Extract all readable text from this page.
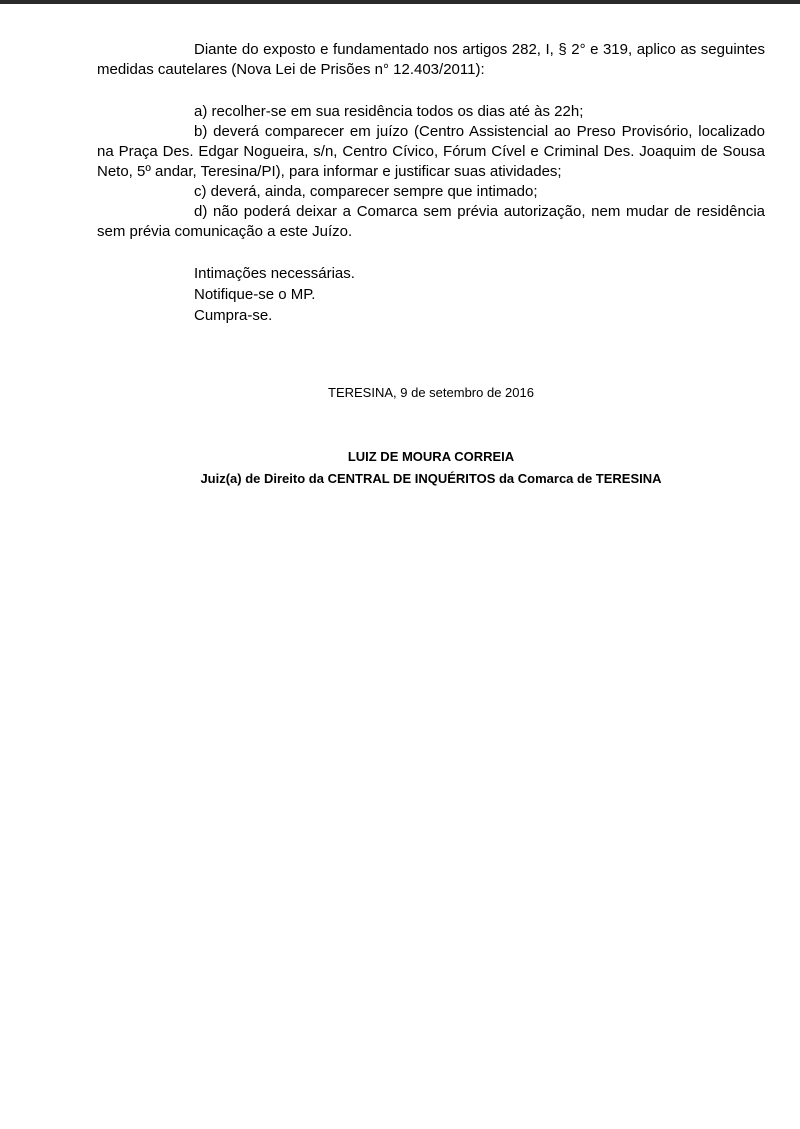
Diante do exposto e fundamentado nos artigos 282, I, § 2° e 319, aplico as seguintes medidas cautelares (Nova Lei de Prisões n° 12.403/2011):

a) recolher-se em sua residência todos os dias até às 22h;

b) deverá comparecer em juízo (Centro Assistencial ao Preso Provisório, localizado na Praça Des. Edgar Nogueira, s/n, Centro Cívico, Fórum Cível e Criminal Des. Joaquim de Sousa Neto, 5º andar, Teresina/PI), para informar e justificar suas atividades;

c) deverá, ainda, comparecer sempre que intimado;

d) não poderá deixar a Comarca sem prévia autorização, nem mudar de residência sem prévia comunicação a este Juízo.

Intimações necessárias.

Notifique-se o MP.

Cumpra-se.

TERESINA, 9 de setembro de 2016
LUIZ DE MOURA CORREIA
Juiz(a) de Direito da CENTRAL DE INQUÉRITOS da Comarca de TERESINA
